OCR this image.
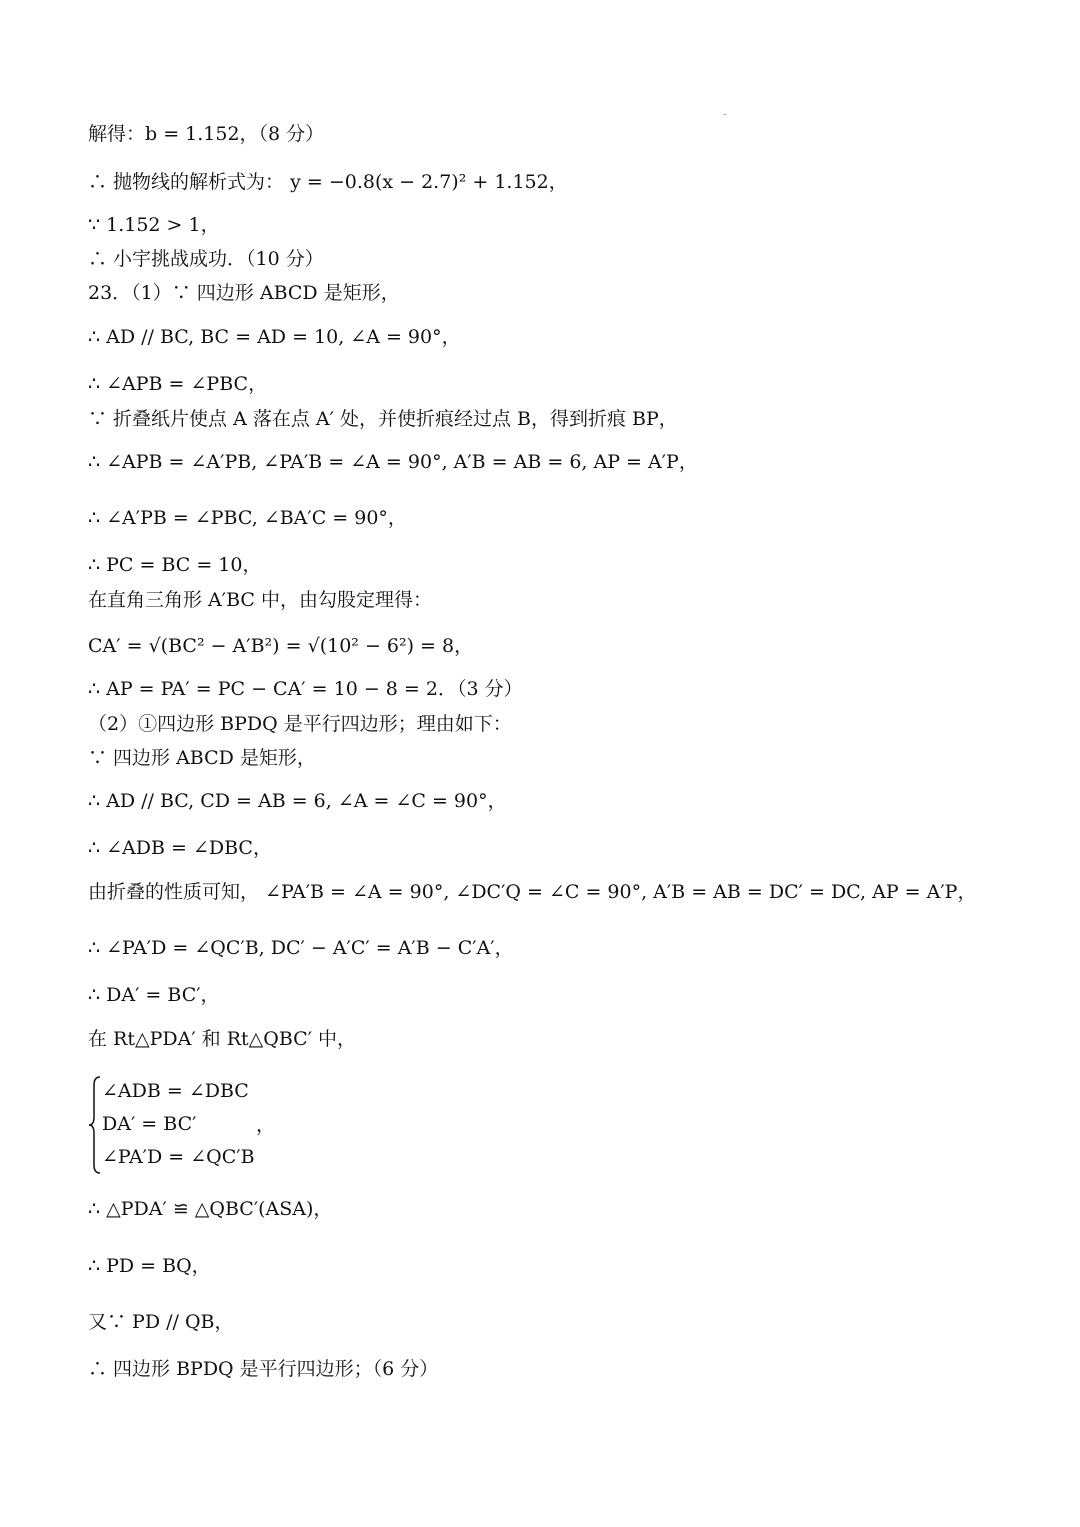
解得：b = 1.152，（8 分）
∴ 抛物线的解析式为： y = −0.8(x − 2.7)² + 1.152，
∵ 1.152 > 1，
∴ 小宇挑战成功．（10 分）
23．（1）∵ 四边形 ABCD 是矩形，
∴ AD // BC, BC = AD = 10, ∠A = 90°，
∴ ∠APB = ∠PBC，
∵ 折叠纸片使点 A 落在点 A′ 处，并使折痕经过点 B，得到折痕 BP，
∴ ∠APB = ∠A′PB, ∠PA′B = ∠A = 90°, A′B = AB = 6, AP = A′P，
∴ ∠A′PB = ∠PBC, ∠BA′C = 90°，
∴ PC = BC = 10，
在直角三角形 A′BC 中，由勾股定理得：
CA′ = √(BC² − A′B²) = √(10² − 6²) = 8，
∴ AP = PA′ = PC − CA′ = 10 − 8 = 2．（3 分）
（2）①四边形 BPDQ 是平行四边形；理由如下：
∵ 四边形 ABCD 是矩形，
∴ AD // BC, CD = AB = 6, ∠A = ∠C = 90°，
∴ ∠ADB = ∠DBC，
由折叠的性质可知， ∠PA′B = ∠A = 90°, ∠DC′Q = ∠C = 90°, A′B = AB = DC′ = DC, AP = A′P，
∴ ∠PA′D = ∠QC′B, DC′ − A′C′ = A′B − C′A′，
∴ DA′ = BC′，
在 Rt△PDA′ 和 Rt△QBC′ 中，
∠ADB = ∠DBC
DA′ = BC′
∠PA′D = ∠QC′B
，
∴ △PDA′ ≌ △QBC′(ASA)，
∴ PD = BQ，
又∵ PD // QB，
∴ 四边形 BPDQ 是平行四边形；（6 分）
